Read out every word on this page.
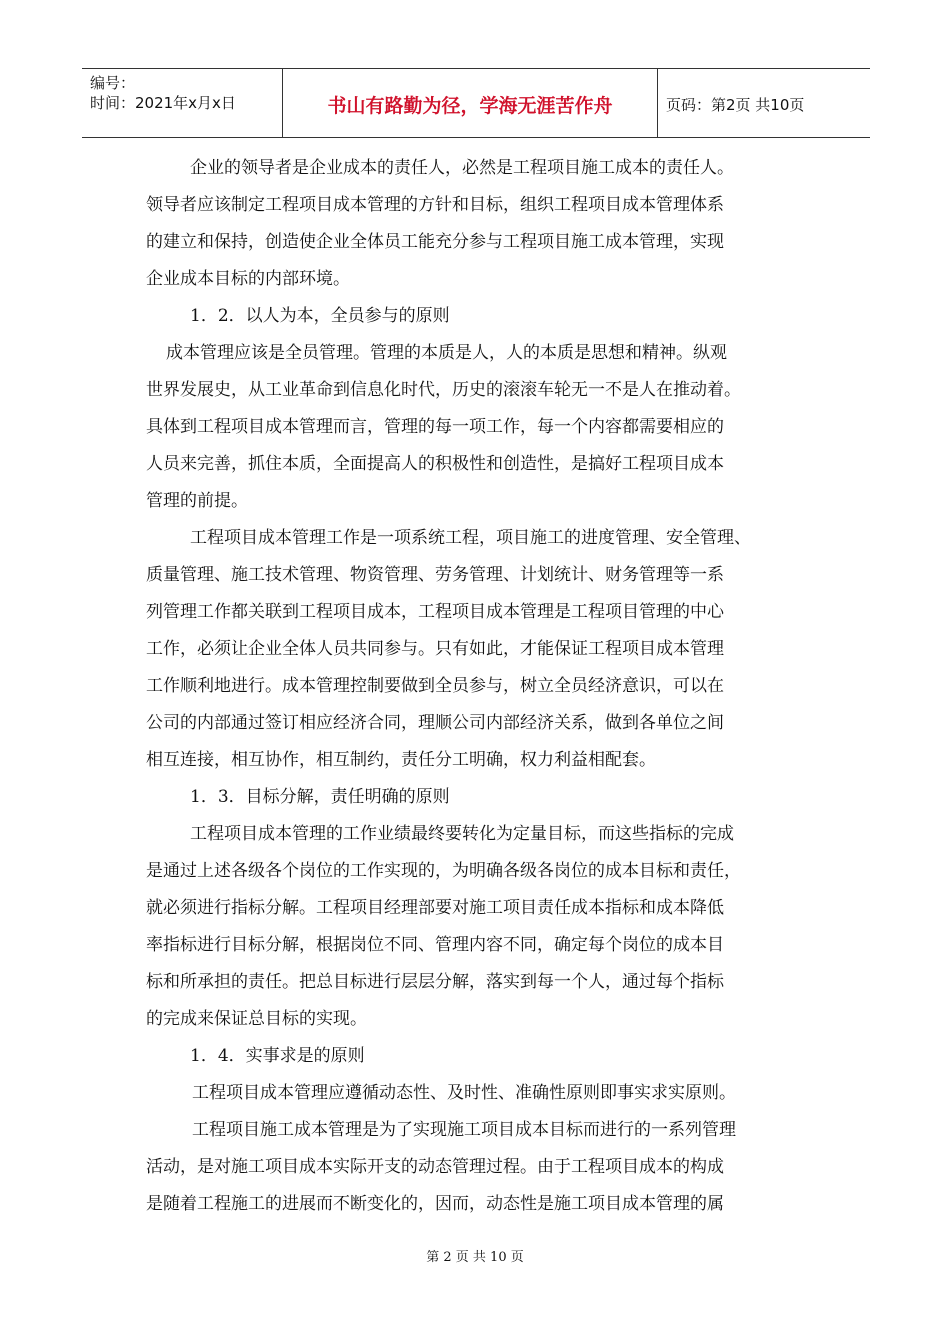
编号：
时间：2021年x月x日	书山有路勤为径，学海无涯苦作舟	页码：第2页 共10页

企业的领导者是企业成本的责任人，必然是工程项目施工成本的责任人。

领导者应该制定工程项目成本管理的方针和目标，组织工程项目成本管理体系

的建立和保持，创造使企业全体员工能充分参与工程项目施工成本管理，实现

企业成本目标的内部环境。

1．2．以人为本，全员参与的原则

成本管理应该是全员管理。管理的本质是人，人的本质是思想和精神。纵观

世界发展史，从工业革命到信息化时代，历史的滚滚车轮无一不是人在推动着。

具体到工程项目成本管理而言，管理的每一项工作，每一个内容都需要相应的

人员来完善，抓住本质，全面提高人的积极性和创造性，是搞好工程项目成本

管理的前提。

工程项目成本管理工作是一项系统工程，项目施工的进度管理、安全管理、

质量管理、施工技术管理、物资管理、劳务管理、计划统计、财务管理等一系

列管理工作都关联到工程项目成本，工程项目成本管理是工程项目管理的中心

工作，必须让企业全体人员共同参与。只有如此，才能保证工程项目成本管理

工作顺利地进行。成本管理控制要做到全员参与，树立全员经济意识，可以在

公司的内部通过签订相应经济合同，理顺公司内部经济关系，做到各单位之间

相互连接，相互协作，相互制约，责任分工明确，权力利益相配套。

1．3．目标分解，责任明确的原则

工程项目成本管理的工作业绩最终要转化为定量目标，而这些指标的完成

是通过上述各级各个岗位的工作实现的，为明确各级各岗位的成本目标和责任，

就必须进行指标分解。工程项目经理部要对施工项目责任成本指标和成本降低

率指标进行目标分解，根据岗位不同、管理内容不同，确定每个岗位的成本目

标和所承担的责任。把总目标进行层层分解，落实到每一个人，通过每个指标

的完成来保证总目标的实现。

1．4．实事求是的原则

工程项目成本管理应遵循动态性、及时性、准确性原则即事实求实原则。

工程项目施工成本管理是为了实现施工项目成本目标而进行的一系列管理

活动，是对施工项目成本实际开支的动态管理过程。由于工程项目成本的构成

是随着工程施工的进展而不断变化的，因而，动态性是施工项目成本管理的属

第 2 页 共 10 页
